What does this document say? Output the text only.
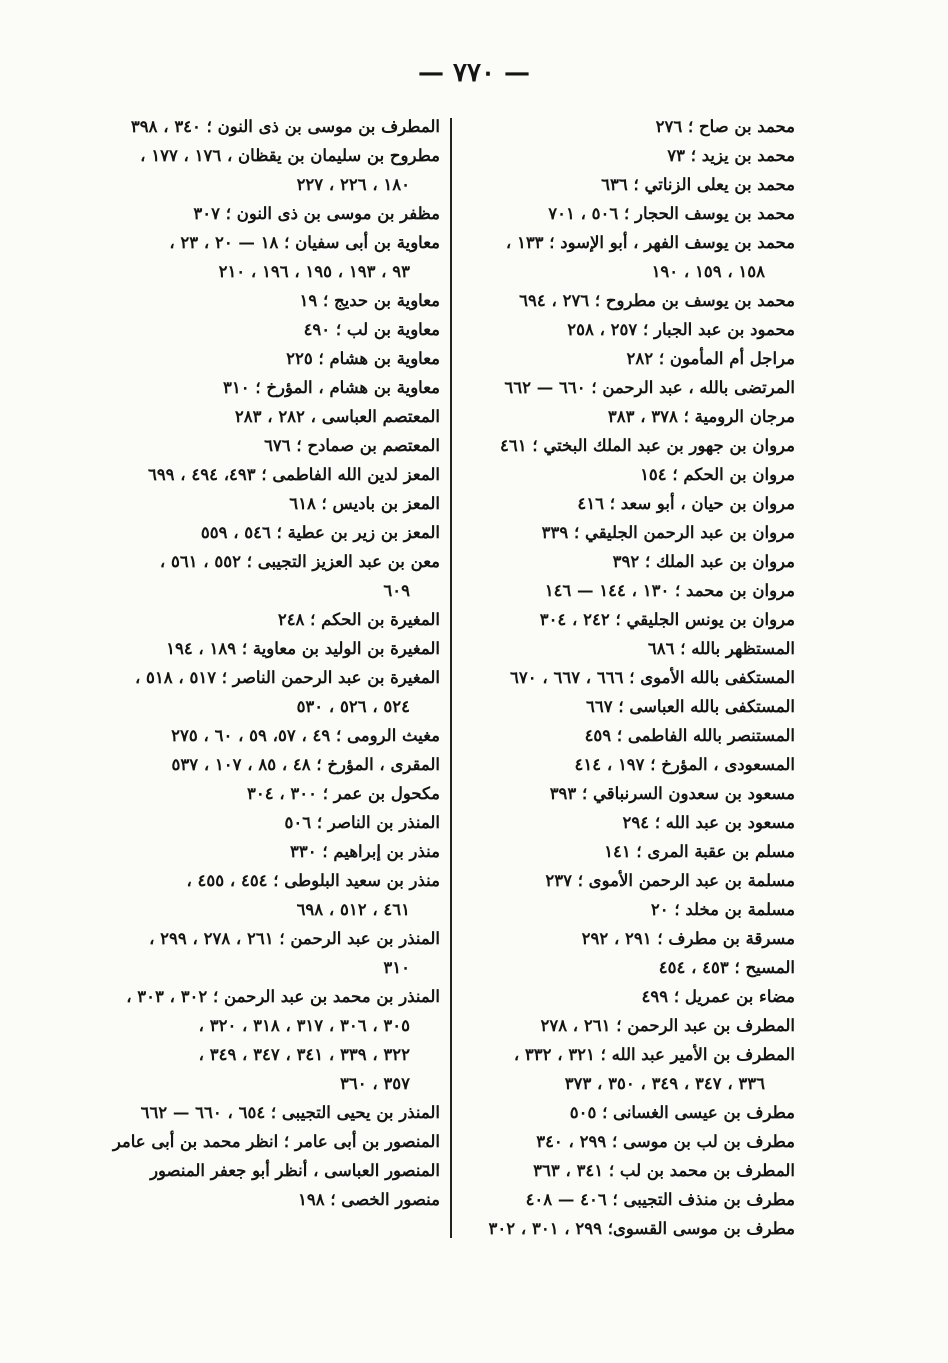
— ٧٧٠ —
محمد بن صاح ؛ ٢٧٦
محمد بن يزيد ؛ ٧٣
محمد بن يعلى الزناتي ؛ ٦٣٦
محمد بن يوسف الحجار ؛ ٥٠٦ ، ٧٠١
محمد بن يوسف الفهر ، أبو الإسود ؛ ١٣٣ ،
١٥٨ ، ١٥٩ ، ١٩٠
محمد بن يوسف بن مطروح ؛ ٢٧٦ ، ٦٩٤
محمود بن عبد الجبار ؛ ٢٥٧ ، ٢٥٨
مراجل أم المأمون ؛ ٢٨٢
المرتضى بالله ، عبد الرحمن ؛ ٦٦٠ — ٦٦٢
مرجان الرومية ؛ ٣٧٨ ، ٣٨٣
مروان بن جهور بن عبد الملك البختي ؛ ٤٦١
مروان بن الحكم ؛ ١٥٤
مروان بن حيان ، أبو سعد ؛ ٤١٦
مروان بن عبد الرحمن الجليقي ؛ ٣٣٩
مروان بن عبد الملك ؛ ٣٩٢
مروان بن محمد ؛ ١٣٠ ، ١٤٤ — ١٤٦
مروان بن يونس الجليقي ؛ ٢٤٢ ، ٣٠٤
المستظهر بالله ؛ ٦٨٦
المستكفى بالله الأموى ؛ ٦٦٦ ، ٦٦٧ ، ٦٧٠
المستكفى بالله العباسى ؛ ٦٦٧
المستنصر بالله الفاطمى ؛ ٤٥٩
المسعودى ، المؤرخ ؛ ١٩٧ ، ٤١٤
مسعود بن سعدون السرنباقي ؛ ٣٩٣
مسعود بن عبد الله ؛ ٢٩٤
مسلم بن عقبة المرى ؛ ١٤١
مسلمة بن عبد الرحمن الأموى ؛ ٢٣٧
مسلمة بن مخلد ؛ ٢٠
مسرقة بن مطرف ؛ ٢٩١ ، ٢٩٢
المسيح ؛ ٤٥٣ ، ٤٥٤
مضاء بن عمريل ؛ ٤٩٩
المطرف بن عبد الرحمن ؛ ٢٦١ ، ٢٧٨
المطرف بن الأمير عبد الله ؛ ٣٢١ ، ٣٣٢ ،
٣٣٦ ، ٣٤٧ ، ٣٤٩ ، ٣٥٠ ، ٣٧٣
مطرف بن عيسى الغسانى ؛ ٥٠٥
مطرف بن لب بن موسى ؛ ٢٩٩ ، ٣٤٠
المطرف بن محمد بن لب ؛ ٣٤١ ، ٣٦٣
مطرف بن منذف التجيبى ؛ ٤٠٦ — ٤٠٨
مطرف بن موسى القسوى؛ ٢٩٩ ، ٣٠١ ، ٣٠٢
المطرف بن موسى بن ذى النون ؛ ٣٤٠ ، ٣٩٨
مطروح بن سليمان بن يقظان ، ١٧٦ ، ١٧٧ ،
١٨٠ ، ٢٢٦ ، ٢٢٧
مظفر بن موسى بن ذى النون ؛ ٣٠٧
معاوية بن أبى سفيان ؛ ١٨ — ٢٠ ، ٢٣ ،
٩٣ ، ١٩٣ ، ١٩٥ ، ١٩٦ ، ٢١٠
معاوية بن حديج ؛ ١٩
معاوية بن لب ؛ ٤٩٠
معاوية بن هشام ؛ ٢٢٥
معاوية بن هشام ، المؤرخ ؛ ٣١٠
المعتصم العباسى ، ٢٨٢ ، ٢٨٣
المعتصم بن صمادح ؛ ٦٧٦
المعز لدين الله الفاطمى ؛ ٤٩٣، ٤٩٤ ، ٦٩٩
المعز بن باديس ؛ ٦١٨
المعز بن زير بن عطية ؛ ٥٤٦ ، ٥٥٩
معن بن عبد العزيز التجيبى ؛ ٥٥٢ ، ٥٦١ ،
٦٠٩
المغيرة بن الحكم ؛ ٢٤٨
المغيرة بن الوليد بن معاوية ؛ ١٨٩ ، ١٩٤
المغيرة بن عبد الرحمن الناصر ؛ ٥١٧ ، ٥١٨ ،
٥٢٤ ، ٥٢٦ ، ٥٣٠
مغيث الرومى ؛ ٤٩ ، ٥٧، ٥٩ ، ٦٠ ، ٢٧٥
المقرى ، المؤرخ ؛ ٤٨ ، ٨٥ ، ١٠٧ ، ٥٣٧
مكحول بن عمر ؛ ٣٠٠ ، ٣٠٤
المنذر بن الناصر ؛ ٥٠٦
منذر بن إبراهيم ؛ ٣٣٠
منذر بن سعيد البلوطى ؛ ٤٥٤ ، ٤٥٥ ،
٤٦١ ، ٥١٢ ، ٦٩٨
المنذر بن عبد الرحمن ؛ ٢٦١ ، ٢٧٨ ، ٢٩٩ ،
٣١٠
المنذر بن محمد بن عبد الرحمن ؛ ٣٠٢ ، ٣٠٣ ،
٣٠٥ ، ٣٠٦ ، ٣١٧ ، ٣١٨ ، ٣٢٠ ،
٣٢٢ ، ٣٣٩ ، ٣٤١ ، ٣٤٧ ، ٣٤٩ ،
٣٥٧ ، ٣٦٠
المنذر بن يحيى التجيبى ؛ ٦٥٤ ، ٦٦٠ — ٦٦٢
المنصور بن أبى عامر ؛ انظر محمد بن أبى عامر
المنصور العباسى ، أنظر أبو جعفر المنصور
منصور الخصى ؛ ١٩٨
